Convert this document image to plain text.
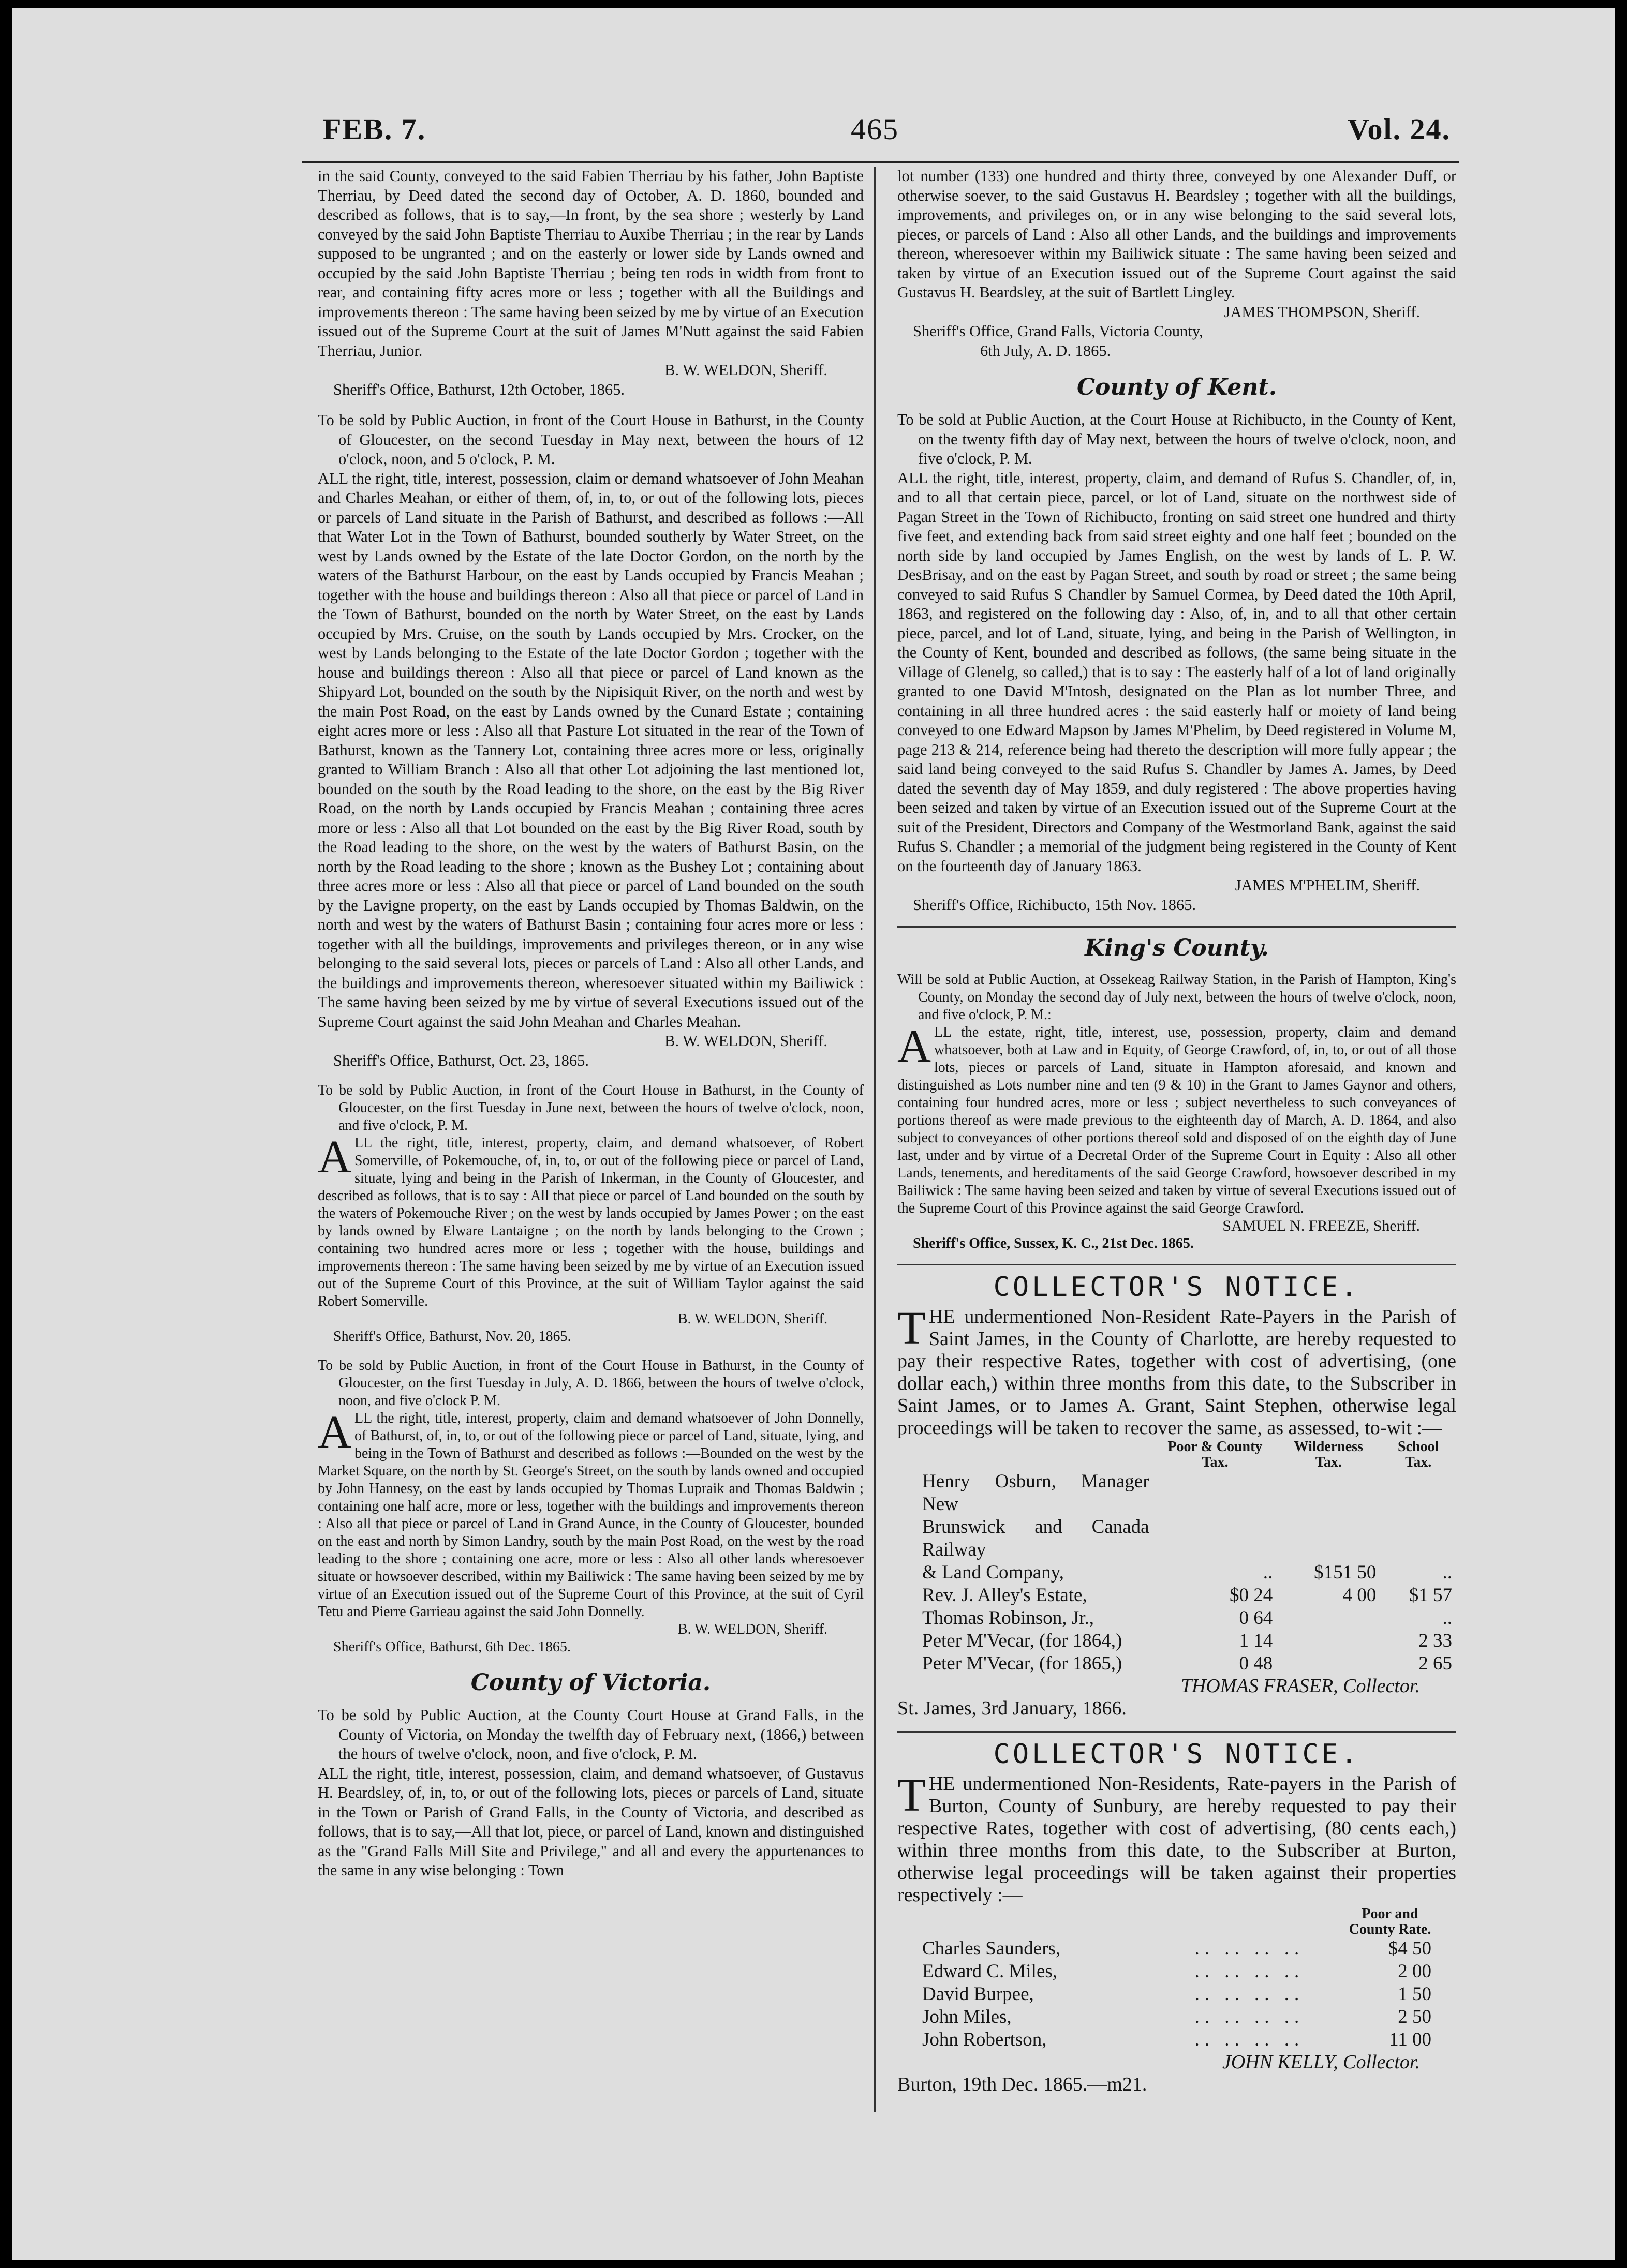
FEB. 7.	465	Vol. 24.

in the said County, conveyed to the said Fabien Therriau by his father, John Baptiste Therriau, by Deed dated the second day of October, A. D. 1860, bounded and described as follows, that is to say,—In front, by the sea shore ; westerly by Land conveyed by the said John Baptiste Therriau to Auxibe Therriau ; in the rear by Lands supposed to be ungranted ; and on the easterly or lower side by Lands owned and occupied by the said John Baptiste Therriau ; being ten rods in width from front to rear, and containing fifty acres more or less ; together with all the Buildings and improvements thereon : The same having been seized by me by virtue of an Execution issued out of the Supreme Court at the suit of James M'Nutt against the said Fabien Therriau, Junior.

B. W. WELDON, Sheriff.

Sheriff's Office, Bathurst, 12th October, 1865.

To be sold by Public Auction, in front of the Court House in Bathurst, in the County of Gloucester, on the second Tuesday in May next, between the hours of 12 o'clock, noon, and 5 o'clock, P. M.

ALL the right, title, interest, possession, claim or demand whatsoever of John Meahan and Charles Meahan, or either of them, of, in, to, or out of the following lots, pieces or parcels of Land situate in the Parish of Bathurst, and described as follows :—All that Water Lot in the Town of Bathurst, bounded southerly by Water Street, on the west by Lands owned by the Estate of the late Doctor Gordon, on the north by the waters of the Bathurst Harbour, on the east by Lands occupied by Francis Meahan ; together with the house and buildings thereon : Also all that piece or parcel of Land in the Town of Bathurst, bounded on the north by Water Street, on the east by Lands occupied by Mrs. Cruise, on the south by Lands occupied by Mrs. Crocker, on the west by Lands belonging to the Estate of the late Doctor Gordon ; together with the house and buildings thereon : Also all that piece or parcel of Land known as the Shipyard Lot, bounded on the south by the Nipisiquit River, on the north and west by the main Post Road, on the east by Lands owned by the Cunard Estate ; containing eight acres more or less : Also all that Pasture Lot situated in the rear of the Town of Bathurst, known as the Tannery Lot, containing three acres more or less, originally granted to William Branch : Also all that other Lot adjoining the last mentioned lot, bounded on the south by the Road leading to the shore, on the east by the Big River Road, on the north by Lands occupied by Francis Meahan ; containing three acres more or less : Also all that Lot bounded on the east by the Big River Road, south by the Road leading to the shore, on the west by the waters of Bathurst Basin, on the north by the Road leading to the shore ; known as the Bushey Lot ; containing about three acres more or less : Also all that piece or parcel of Land bounded on the south by the Lavigne property, on the east by Lands occupied by Thomas Baldwin, on the north and west by the waters of Bathurst Basin ; containing four acres more or less : together with all the buildings, improvements and privileges thereon, or in any wise belonging to the said several lots, pieces or parcels of Land : Also all other Lands, and the buildings and improvements thereon, wheresoever situated within my Bailiwick : The same having been seized by me by virtue of several Executions issued out of the Supreme Court against the said John Meahan and Charles Meahan.

B. W. WELDON, Sheriff.

Sheriff's Office, Bathurst, Oct. 23, 1865.

To be sold by Public Auction, in front of the Court House in Bathurst, in the County of Gloucester, on the first Tuesday in June next, between the hours of twelve o'clock, noon, and five o'clock, P. M.

ALL the right, title, interest, property, claim, and demand whatsoever, of Robert Somerville, of Pokemouche, of, in, to, or out of the following piece or parcel of Land, situate, lying and being in the Parish of Inkerman, in the County of Gloucester, and described as follows, that is to say : All that piece or parcel of Land bounded on the south by the waters of Pokemouche River ; on the west by lands occupied by James Power ; on the east by lands owned by Elware Lantaigne ; on the north by lands belonging to the Crown ; containing two hundred acres more or less ; together with the house, buildings and improvements thereon : The same having been seized by me by virtue of an Execution issued out of the Supreme Court of this Province, at the suit of William Taylor against the said Robert Somerville.

B. W. WELDON, Sheriff.

Sheriff's Office, Bathurst, Nov. 20, 1865.

To be sold by Public Auction, in front of the Court House in Bathurst, in the County of Gloucester, on the first Tuesday in July, A. D. 1866, between the hours of twelve o'clock, noon, and five o'clock P. M.

ALL the right, title, interest, property, claim and demand whatsoever of John Donnelly, of Bathurst, of, in, to, or out of the following piece or parcel of Land, situate, lying, and being in the Town of Bathurst and described as follows :—Bounded on the west by the Market Square, on the north by St. George's Street, on the south by lands owned and occupied by John Hannesy, on the east by lands occupied by Thomas Lupraik and Thomas Baldwin ; containing one half acre, more or less, together with the buildings and improvements thereon : Also all that piece or parcel of Land in Grand Aunce, in the County of Gloucester, bounded on the east and north by Simon Landry, south by the main Post Road, on the west by the road leading to the shore ; containing one acre, more or less : Also all other lands wheresoever situate or howsoever described, within my Bailiwick : The same having been seized by me by virtue of an Execution issued out of the Supreme Court of this Province, at the suit of Cyril Tetu and Pierre Garrieau against the said John Donnelly.

B. W. WELDON, Sheriff.

Sheriff's Office, Bathurst, 6th Dec. 1865.

County of Victoria.

To be sold by Public Auction, at the County Court House at Grand Falls, in the County of Victoria, on Monday the twelfth day of February next, (1866,) between the hours of twelve o'clock, noon, and five o'clock, P. M.

ALL the right, title, interest, possession, claim, and demand whatsoever, of Gustavus H. Beardsley, of, in, to, or out of the following lots, pieces or parcels of Land, situate in the Town or Parish of Grand Falls, in the County of Victoria, and described as follows, that is to say,—All that lot, piece, or parcel of Land, known and distinguished as the "Grand Falls Mill Site and Privilege," and all and every the appurtenances to the same in any wise belonging : Town

lot number (133) one hundred and thirty three, conveyed by one Alexander Duff, or otherwise soever, to the said Gustavus H. Beardsley ; together with all the buildings, improvements, and privileges on, or in any wise belonging to the said several lots, pieces, or parcels of Land : Also all other Lands, and the buildings and improvements thereon, wheresoever within my Bailiwick situate : The same having been seized and taken by virtue of an Execution issued out of the Supreme Court against the said Gustavus H. Beardsley, at the suit of Bartlett Lingley.

JAMES THOMPSON, Sheriff.

Sheriff's Office, Grand Falls, Victoria County,

6th July, A. D. 1865.

County of Kent.

To be sold at Public Auction, at the Court House at Richibucto, in the County of Kent, on the twenty fifth day of May next, between the hours of twelve o'clock, noon, and five o'clock, P. M.

ALL the right, title, interest, property, claim, and demand of Rufus S. Chandler, of, in, and to all that certain piece, parcel, or lot of Land, situate on the northwest side of Pagan Street in the Town of Richibucto, fronting on said street one hundred and thirty five feet, and extending back from said street eighty and one half feet ; bounded on the north side by land occupied by James English, on the west by lands of L. P. W. DesBrisay, and on the east by Pagan Street, and south by road or street ; the same being conveyed to said Rufus S Chandler by Samuel Cormea, by Deed dated the 10th April, 1863, and registered on the following day : Also, of, in, and to all that other certain piece, parcel, and lot of Land, situate, lying, and being in the Parish of Wellington, in the County of Kent, bounded and described as follows, (the same being situate in the Village of Glenelg, so called,) that is to say : The easterly half of a lot of land originally granted to one David M'Intosh, designated on the Plan as lot number Three, and containing in all three hundred acres : the said easterly half or moiety of land being conveyed to one Edward Mapson by James M'Phelim, by Deed registered in Volume M, page 213 & 214, reference being had thereto the description will more fully appear ; the said land being conveyed to the said Rufus S. Chandler by James A. James, by Deed dated the seventh day of May 1859, and duly registered : The above properties having been seized and taken by virtue of an Execution issued out of the Supreme Court at the suit of the President, Directors and Company of the Westmorland Bank, against the said Rufus S. Chandler ; a memorial of the judgment being registered in the County of Kent on the fourteenth day of January 1863.

JAMES M'PHELIM, Sheriff.

Sheriff's Office, Richibucto, 15th Nov. 1865.

King's County.

Will be sold at Public Auction, at Ossekeag Railway Station, in the Parish of Hampton, King's County, on Monday the second day of July next, between the hours of twelve o'clock, noon, and five o'clock, P. M.:

ALL the estate, right, title, interest, use, possession, property, claim and demand whatsoever, both at Law and in Equity, of George Crawford, of, in, to, or out of all those lots, pieces or parcels of Land, situate in Hampton aforesaid, and known and distinguished as Lots number nine and ten (9 & 10) in the Grant to James Gaynor and others, containing four hundred acres, more or less ; subject nevertheless to such conveyances of portions thereof as were made previous to the eighteenth day of March, A. D. 1864, and also subject to conveyances of other portions thereof sold and disposed of on the eighth day of June last, under and by virtue of a Decretal Order of the Supreme Court in Equity : Also all other Lands, tenements, and hereditaments of the said George Crawford, howsoever described in my Bailiwick : The same having been seized and taken by virtue of several Executions issued out of the Supreme Court of this Province against the said George Crawford.

SAMUEL N. FREEZE, Sheriff.

Sheriff's Office, Sussex, K. C., 21st Dec. 1865.

COLLECTOR'S NOTICE.

THE undermentioned Non-Resident Rate-Payers in the Parish of Saint James, in the County of Charlotte, are hereby requested to pay their respective Rates, together with cost of advertising, (one dollar each,) within three months from this date, to the Subscriber in Saint James, or to James A. Grant, Saint Stephen, otherwise legal proceedings will be taken to recover the same, as assessed, to-wit :—

	Poor & County Tax.	Wilderness Tax.	School Tax.
Henry Osburn, Manager New			
Brunswick and Canada Railway			
& Land Company,	..	$151 50	..
Rev. J. Alley's Estate,	$0 24	4 00	$1 57
Thomas Robinson, Jr.,	0 64		..
Peter M'Vecar, (for 1864,)	1 14		2 33
Peter M'Vecar, (for 1865,)	0 48		2 65

THOMAS FRASER, Collector.

St. James, 3rd January, 1866.

COLLECTOR'S NOTICE.

THE undermentioned Non-Residents, Rate-payers in the Parish of Burton, County of Sunbury, are hereby requested to pay their respective Rates, together with cost of advertising, (80 cents each,) within three months from this date, to the Subscriber at Burton, otherwise legal proceedings will be taken against their properties respectively :—

		Poor and County Rate.
Charles Saunders,	.. .. .. ..	$4 50
Edward C. Miles,	.. .. .. ..	2 00
David Burpee,	.. .. .. ..	1 50
John Miles,	.. .. .. ..	2 50
John Robertson,	.. .. .. ..	11 00

JOHN KELLY, Collector.

Burton, 19th Dec. 1865.—m21.
